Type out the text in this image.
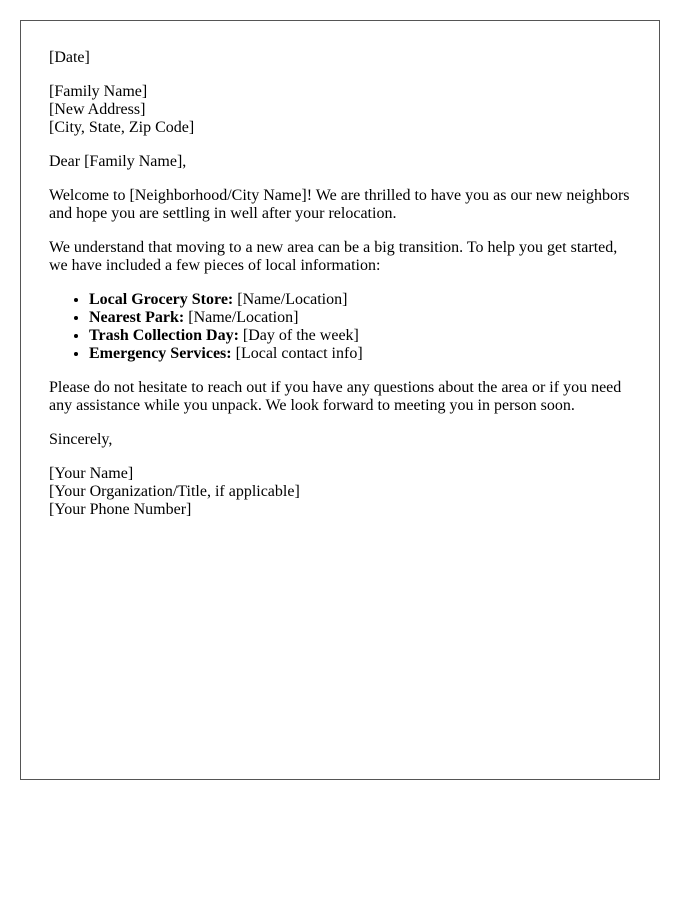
[Date]

[Family Name]
[New Address]
[City, State, Zip Code]

Dear [Family Name],

Welcome to [Neighborhood/City Name]! We are thrilled to have you as our new neighbors and hope you are settling in well after your relocation.

We understand that moving to a new area can be a big transition. To help you get started, we have included a few pieces of local information:

• Local Grocery Store: [Name/Location]
• Nearest Park: [Name/Location]
• Trash Collection Day: [Day of the week]
• Emergency Services: [Local contact info]

Please do not hesitate to reach out if you have any questions about the area or if you need any assistance while you unpack. We look forward to meeting you in person soon.

Sincerely,

[Your Name]
[Your Organization/Title, if applicable]
[Your Phone Number]
